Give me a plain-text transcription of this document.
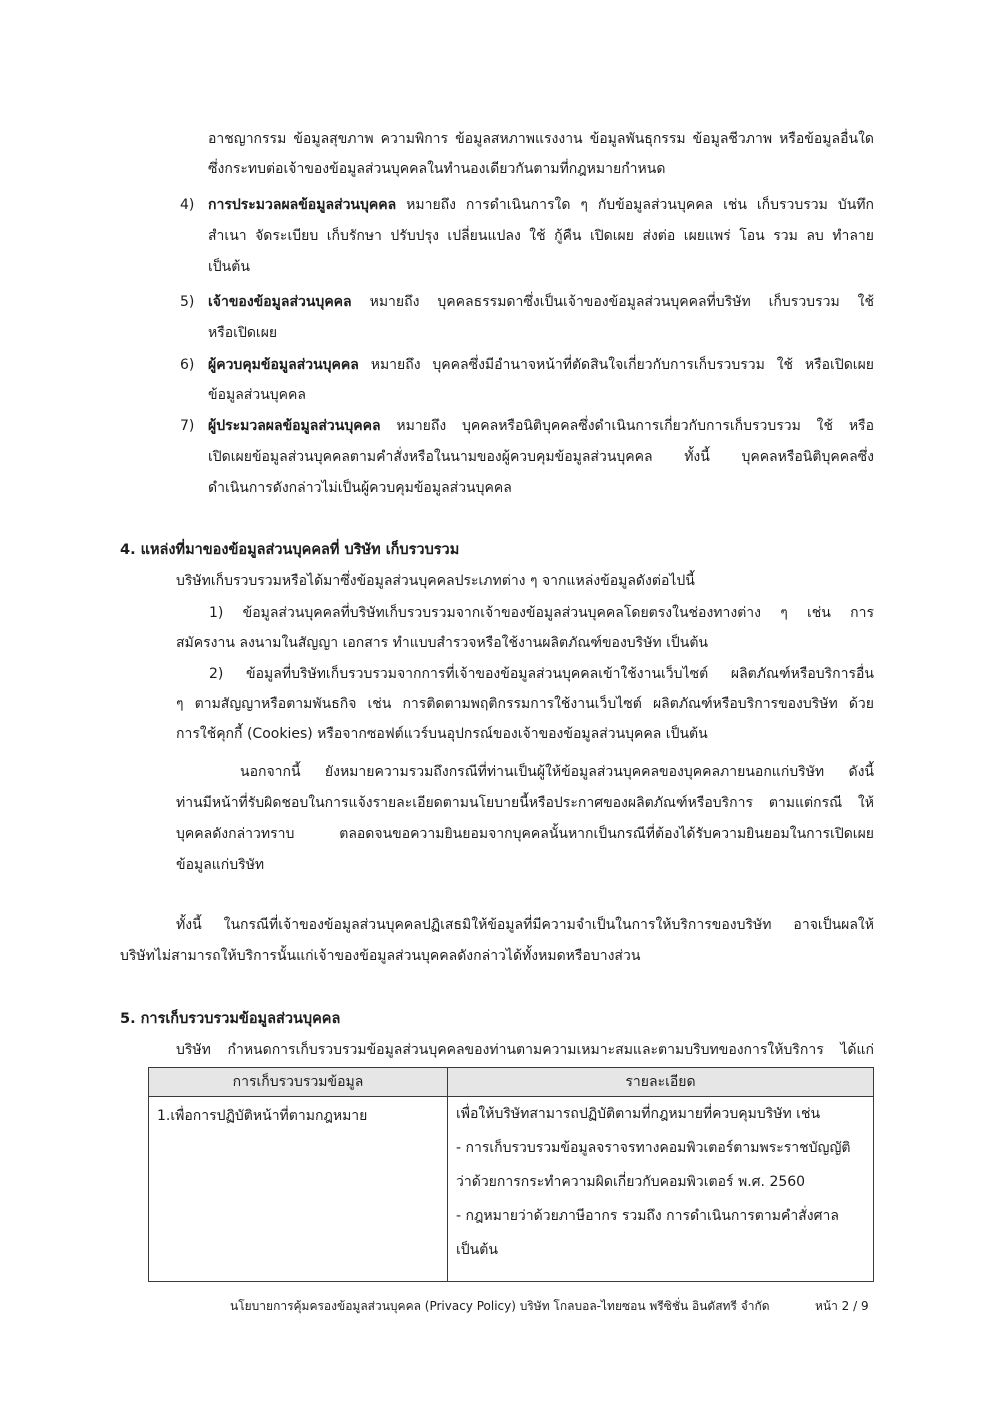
อาชญากรรม ข้อมูลสุขภาพ ความพิการ ข้อมูลสหภาพแรงงาน ข้อมูลพันธุกรรม ข้อมูลชีวภาพ หรือข้อมูลอื่นใด
ซึ่งกระทบต่อเจ้าของข้อมูลส่วนบุคคลในทำนองเดียวกันตามที่กฎหมายกำหนด
4) การประมวลผลข้อมูลส่วนบุคคล หมายถึง การดำเนินการใด ๆ กับข้อมูลส่วนบุคคล เช่น เก็บรวบรวม บันทึก
สำเนา จัดระเบียบ เก็บรักษา ปรับปรุง เปลี่ยนแปลง ใช้ กู้คืน เปิดเผย ส่งต่อ เผยแพร่ โอน รวม ลบ ทำลาย
เป็นต้น
5) เจ้าของข้อมูลส่วนบุคคล หมายถึง บุคคลธรรมดาซึ่งเป็นเจ้าของข้อมูลส่วนบุคคลที่บริษัท เก็บรวบรวม ใช้
หรือเปิดเผย
6) ผู้ควบคุมข้อมูลส่วนบุคคล หมายถึง บุคคลซึ่งมีอำนาจหน้าที่ตัดสินใจเกี่ยวกับการเก็บรวบรวม ใช้ หรือเปิดเผย
ข้อมูลส่วนบุคคล
7) ผู้ประมวลผลข้อมูลส่วนบุคคล หมายถึง บุคคลหรือนิติบุคคลซึ่งดำเนินการเกี่ยวกับการเก็บรวบรวม ใช้ หรือ
เปิดเผยข้อมูลส่วนบุคคลตามคำสั่งหรือในนามของผู้ควบคุมข้อมูลส่วนบุคคล ทั้งนี้ บุคคลหรือนิติบุคคลซึ่ง
ดำเนินการดังกล่าวไม่เป็นผู้ควบคุมข้อมูลส่วนบุคคล
4. แหล่งที่มาของข้อมูลส่วนบุคคลที่ บริษัท เก็บรวบรวม
บริษัทเก็บรวบรวมหรือได้มาซึ่งข้อมูลส่วนบุคคลประเภทต่าง ๆ จากแหล่งข้อมูลดังต่อไปนี้
1) ข้อมูลส่วนบุคคลที่บริษัทเก็บรวบรวมจากเจ้าของข้อมูลส่วนบุคคลโดยตรงในช่องทางต่าง ๆ เช่น การ
สมัครงาน ลงนามในสัญญา เอกสาร ทำแบบสำรวจหรือใช้งานผลิตภัณฑ์ของบริษัท เป็นต้น
2) ข้อมูลที่บริษัทเก็บรวบรวมจากการที่เจ้าของข้อมูลส่วนบุคคลเข้าใช้งานเว็บไซต์ ผลิตภัณฑ์หรือบริการอื่น
ๆ ตามสัญญาหรือตามพันธกิจ เช่น การติดตามพฤติกรรมการใช้งานเว็บไซต์ ผลิตภัณฑ์หรือบริการของบริษัท ด้วย
การใช้คุกกี้ (Cookies) หรือจากซอฟต์แวร์บนอุปกรณ์ของเจ้าของข้อมูลส่วนบุคคล เป็นต้น
นอกจากนี้ ยังหมายความรวมถึงกรณีที่ท่านเป็นผู้ให้ข้อมูลส่วนบุคคลของบุคคลภายนอกแก่บริษัท ดังนี้
ท่านมีหน้าที่รับผิดชอบในการแจ้งรายละเอียดตามนโยบายนี้หรือประกาศของผลิตภัณฑ์หรือบริการ ตามแต่กรณี ให้
บุคคลดังกล่าวทราบ ตลอดจนขอความยินยอมจากบุคคลนั้นหากเป็นกรณีที่ต้องได้รับความยินยอมในการเปิดเผย
ข้อมูลแก่บริษัท
ทั้งนี้ ในกรณีที่เจ้าของข้อมูลส่วนบุคคลปฏิเสธมิให้ข้อมูลที่มีความจำเป็นในการให้บริการของบริษัท อาจเป็นผลให้
บริษัทไม่สามารถให้บริการนั้นแก่เจ้าของข้อมูลส่วนบุคคลดังกล่าวได้ทั้งหมดหรือบางส่วน
5. การเก็บรวบรวมข้อมูลส่วนบุคคล
บริษัท กำหนดการเก็บรวบรวมข้อมูลส่วนบุคคลของท่านตามความเหมาะสมและตามบริบทของการให้บริการ ได้แก่
การเก็บรวบรวมข้อมูล	รายละเอียด
1.เพื่อการปฏิบัติหน้าที่ตามกฎหมาย	เพื่อให้บริษัทสามารถปฏิบัติตามที่กฎหมายที่ควบคุมบริษัท เช่น
- การเก็บรวบรวมข้อมูลจราจรทางคอมพิวเตอร์ตามพระราชบัญญัติ
ว่าด้วยการกระทำความผิดเกี่ยวกับคอมพิวเตอร์ พ.ศ. 2560
- กฎหมายว่าด้วยภาษีอากร รวมถึง การดำเนินการตามคำสั่งศาล
เป็นต้น
นโยบายการคุ้มครองข้อมูลส่วนบุคคล (Privacy Policy) บริษัท โกลบอล-ไทยซอน พรีซิชั่น อินดัสทรี จำกัด	หน้า 2 / 9
